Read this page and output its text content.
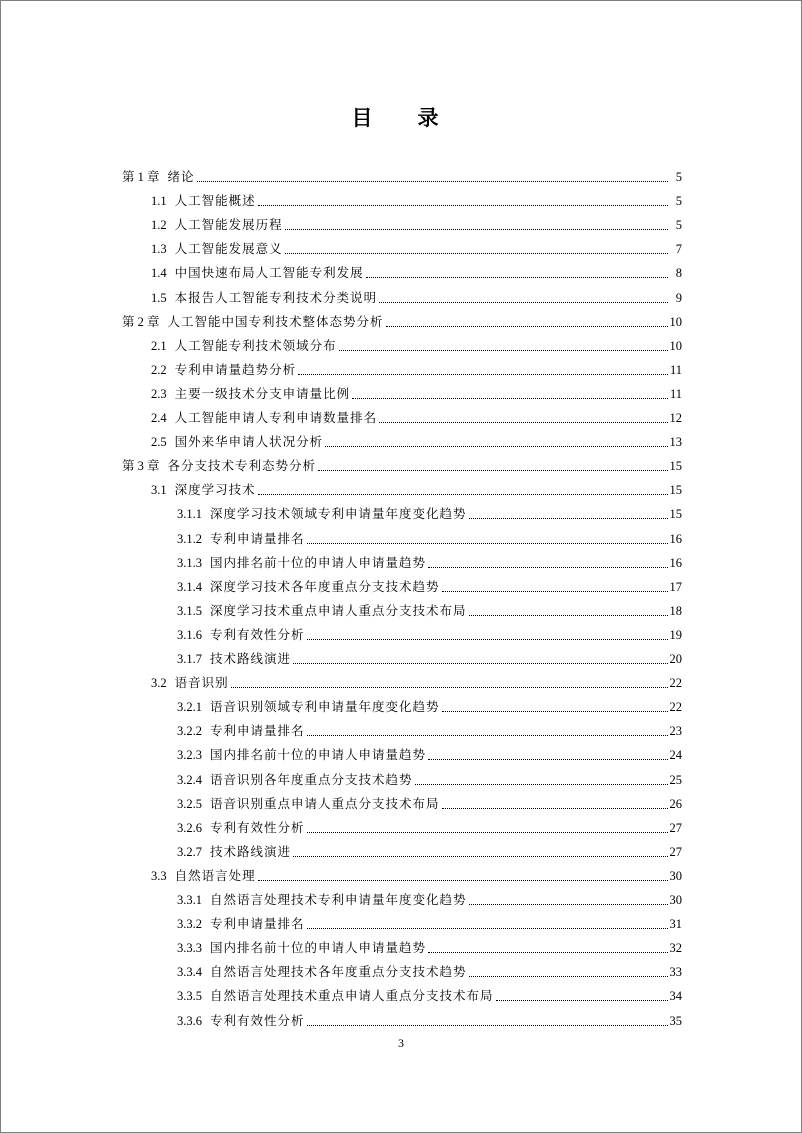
目　录
第 1 章 绪论	5
1.1 人工智能概述	5
1.2 人工智能发展历程	5
1.3 人工智能发展意义	7
1.4 中国快速布局人工智能专利发展	8
1.5 本报告人工智能专利技术分类说明	9
第 2 章 人工智能中国专利技术整体态势分析	10
2.1 人工智能专利技术领域分布	10
2.2 专利申请量趋势分析	11
2.3 主要一级技术分支申请量比例	11
2.4 人工智能申请人专利申请数量排名	12
2.5 国外来华申请人状况分析	13
第 3 章 各分支技术专利态势分析	15
3.1 深度学习技术	15
3.1.1 深度学习技术领域专利申请量年度变化趋势	15
3.1.2 专利申请量排名	16
3.1.3 国内排名前十位的申请人申请量趋势	16
3.1.4 深度学习技术各年度重点分支技术趋势	17
3.1.5 深度学习技术重点申请人重点分支技术布局	18
3.1.6 专利有效性分析	19
3.1.7 技术路线演进	20
3.2 语音识别	22
3.2.1 语音识别领域专利申请量年度变化趋势	22
3.2.2 专利申请量排名	23
3.2.3 国内排名前十位的申请人申请量趋势	24
3.2.4 语音识别各年度重点分支技术趋势	25
3.2.5 语音识别重点申请人重点分支技术布局	26
3.2.6 专利有效性分析	27
3.2.7 技术路线演进	27
3.3 自然语言处理	30
3.3.1 自然语言处理技术专利申请量年度变化趋势	30
3.3.2 专利申请量排名	31
3.3.3 国内排名前十位的申请人申请量趋势	32
3.3.4 自然语言处理技术各年度重点分支技术趋势	33
3.3.5 自然语言处理技术重点申请人重点分支技术布局	34
3.3.6 专利有效性分析	35
3
